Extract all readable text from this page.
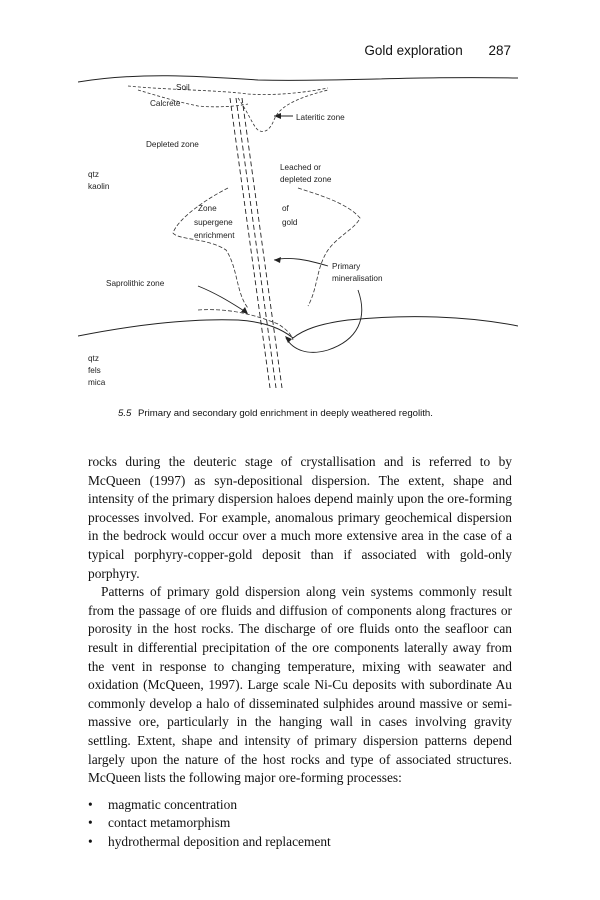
Gold exploration 287
Soil
Calcrete
Lateritic zone
Depleted zone
qtz
kaolin
Leached or
depleted zone
Zone	of
supergene	gold
enrichment
Primary
mineralisation
Saprolithic zone
qtz
fels
mica
5.5 Primary and secondary gold enrichment in deeply weathered regolith.

rocks during the deuteric stage of crystallisation and is referred to by McQueen (1997) as syn-depositional dispersion. The extent, shape and intensity of the primary dispersion haloes depend mainly upon the ore-forming processes involved. For example, anomalous primary geochemical dispersion in the bedrock would occur over a much more extensive area in the case of a typical porphyry-copper-gold deposit than if associated with gold-only porphyry.

Patterns of primary gold dispersion along vein systems commonly result from the passage of ore fluids and diffusion of components along fractures or porosity in the host rocks. The discharge of ore fluids onto the seafloor can result in differential precipitation of the ore components laterally away from the vent in response to changing temperature, mixing with seawater and oxidation (McQueen, 1997). Large scale Ni-Cu deposits with subordinate Au commonly develop a halo of disseminated sulphides around massive or semi-massive ore, particularly in the hanging wall in cases involving gravity settling. Extent, shape and intensity of primary dispersion patterns depend largely upon the nature of the host rocks and type of associated structures. McQueen lists the following major ore-forming processes:

• magmatic concentration
• contact metamorphism
• hydrothermal deposition and replacement
